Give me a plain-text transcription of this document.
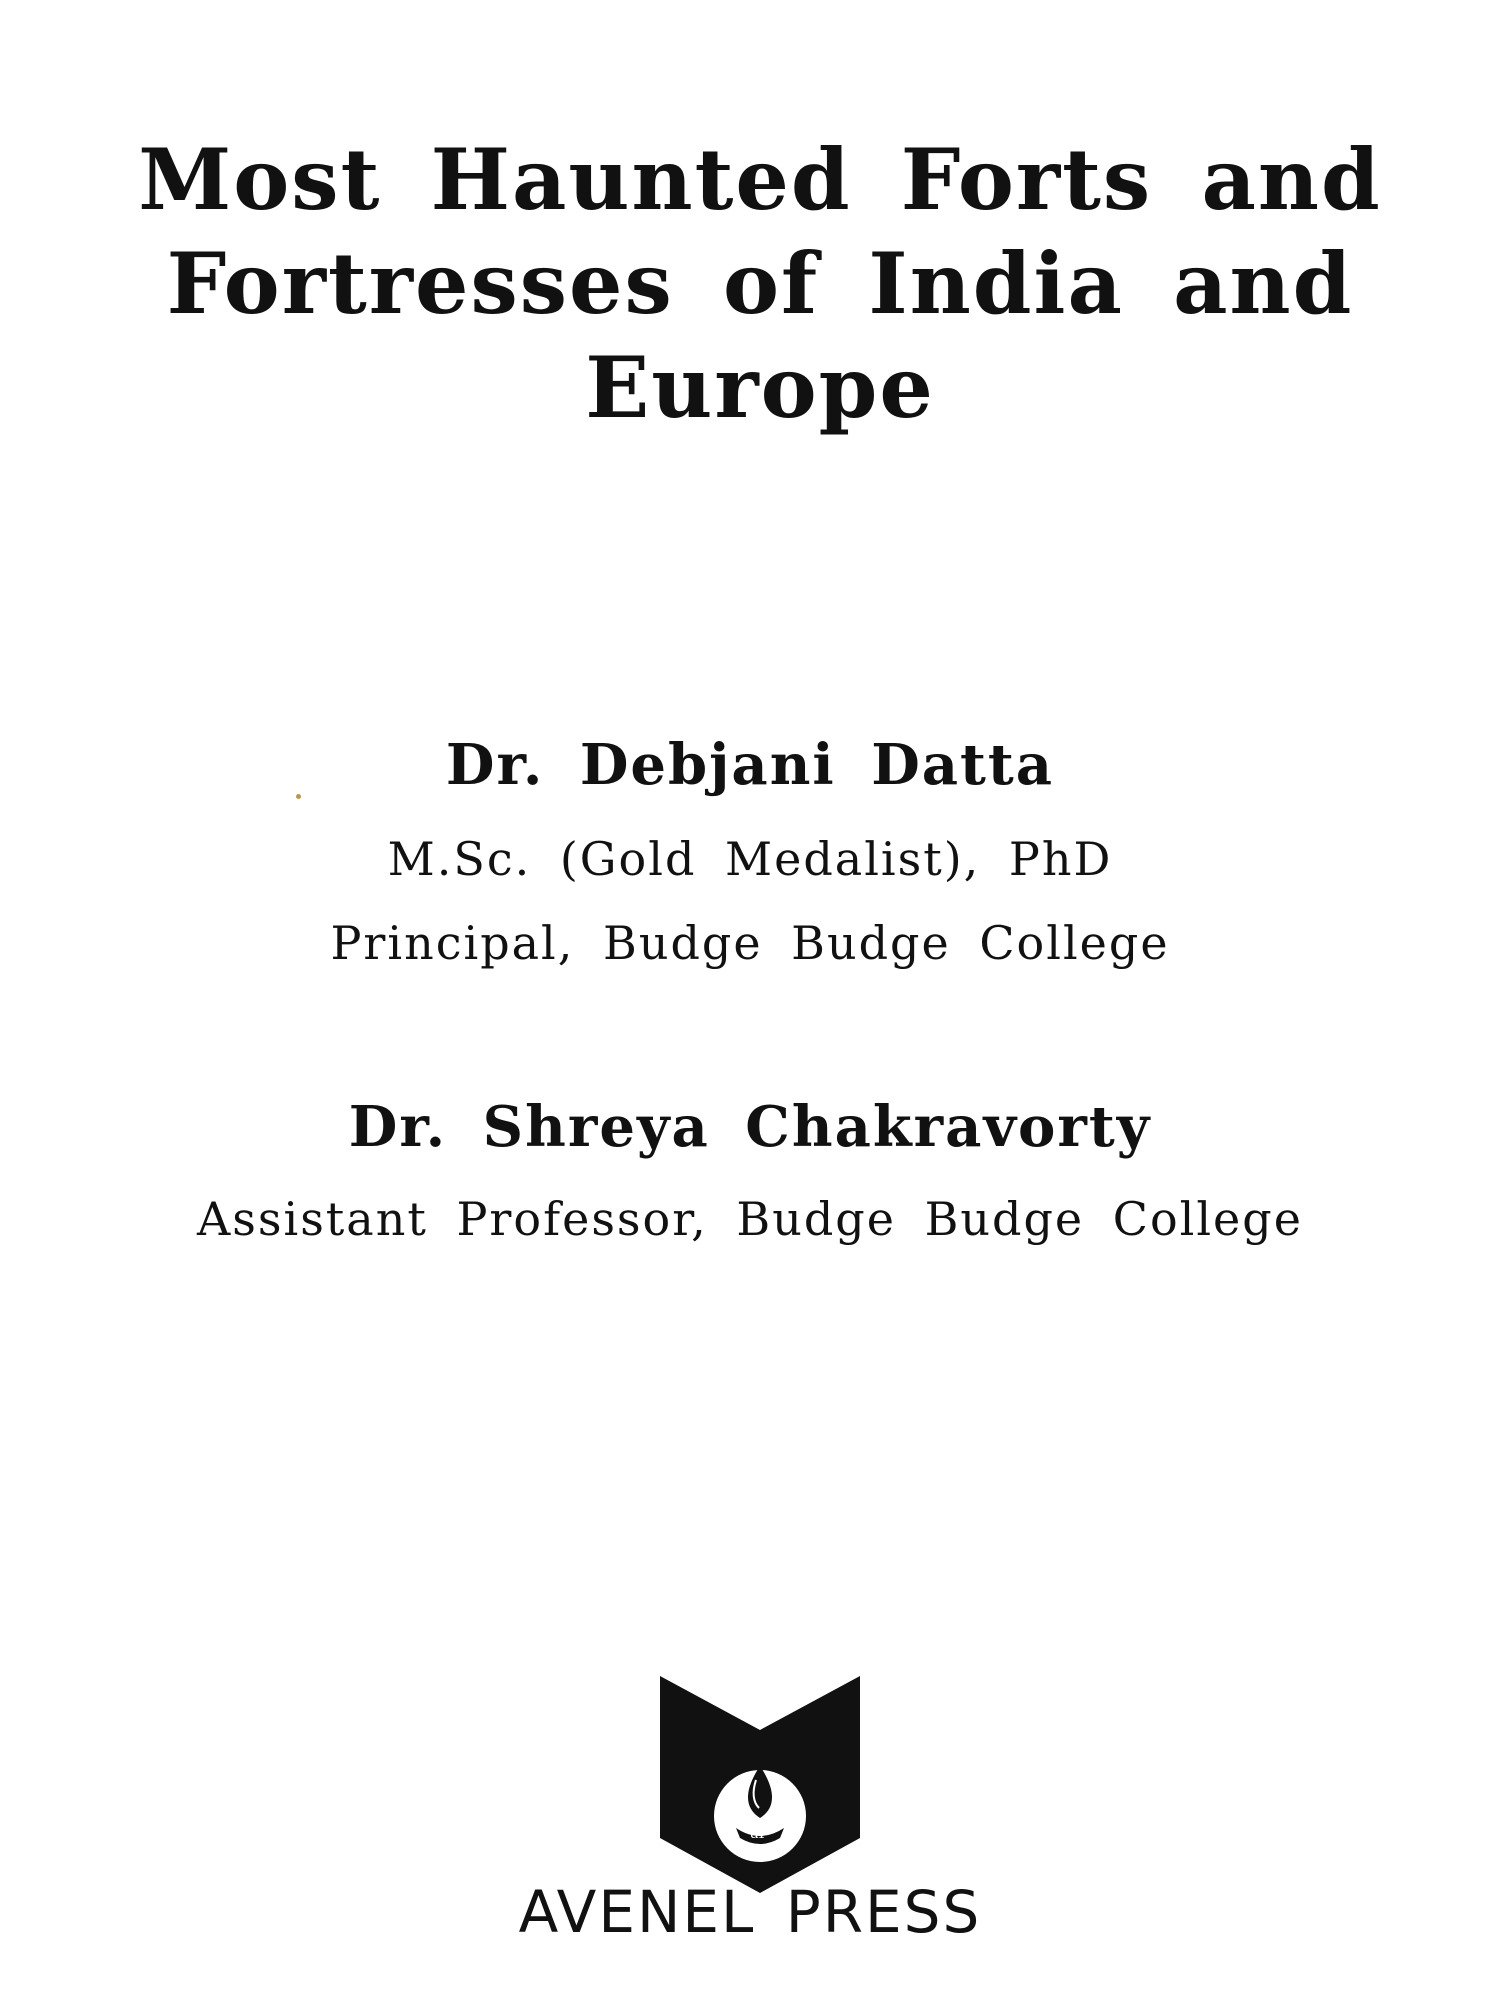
Most Haunted Forts and
Fortresses of India and
Europe

Dr. Debjani Datta

M.Sc. (Gold Medalist), PhD

Principal, Budge Budge College

Dr. Shreya Chakravorty

Assistant Professor, Budge Budge College

aP

AVENEL PRESS
